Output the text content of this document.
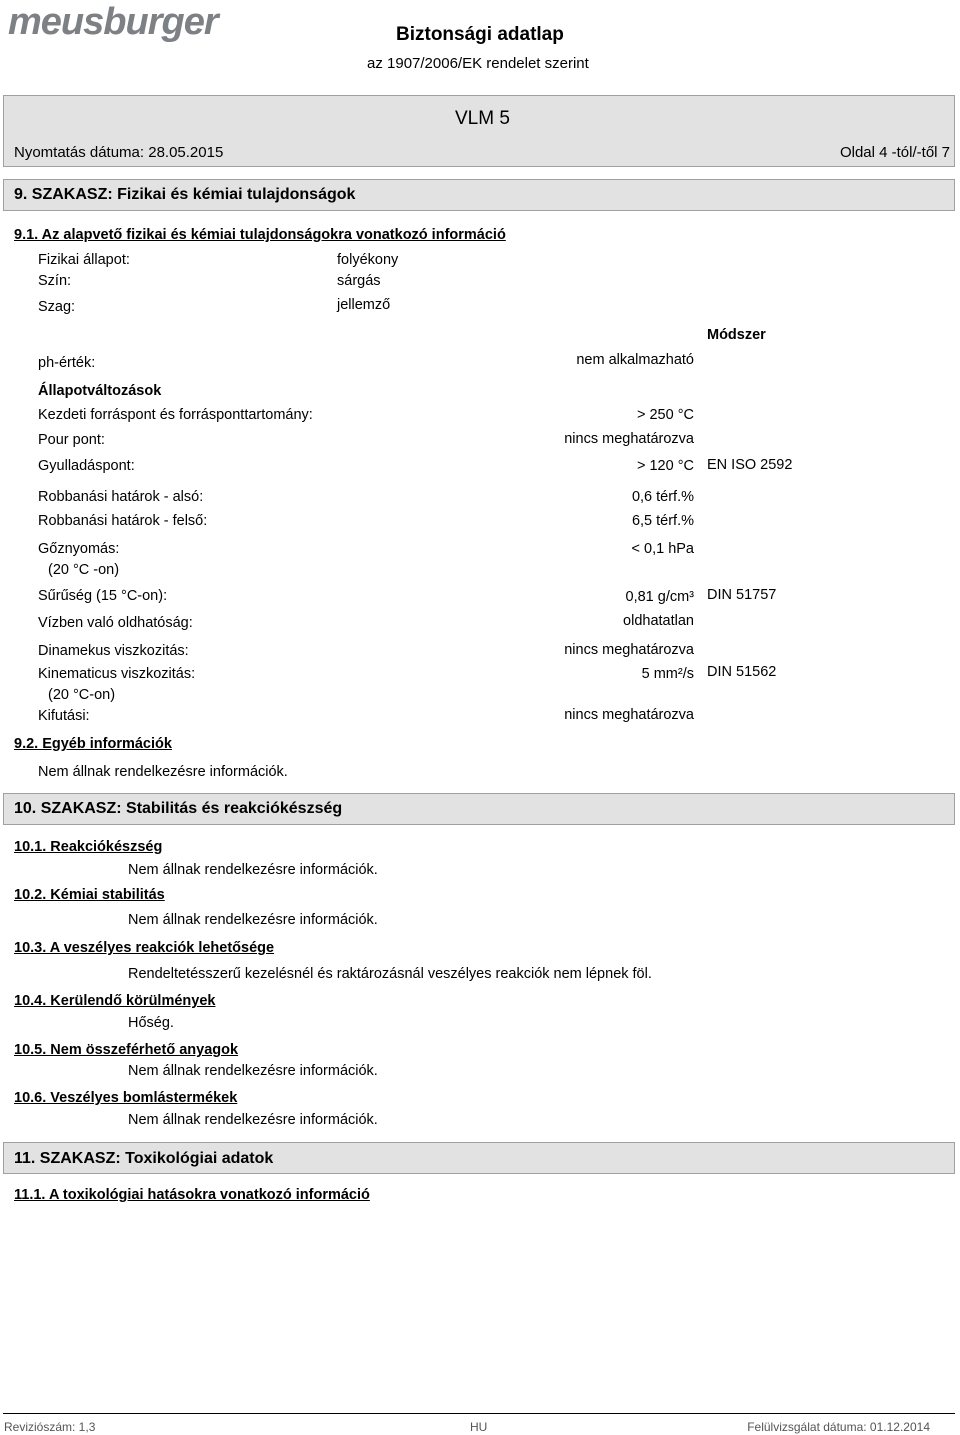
meusburger	Biztonsági adatlap
az 1907/2006/EK rendelet szerint
VLM 5
Nyomtatás dátuma: 28.05.2015	Oldal 4 -tól/-től 7
9. SZAKASZ: Fizikai és kémiai tulajdonságok
9.1. Az alapvető fizikai és kémiai tulajdonságokra vonatkozó információ
Fizikai állapot:	folyékony
Szín:	sárgás
Szag:	jellemző
Módszer
ph-érték:	nem alkalmazható
Állapotváltozások
Kezdeti forráspont és forrásponttartomány:	> 250 °C
Pour pont:	nincs meghatározva
Gyulladáspont:	> 120 °C EN ISO 2592
Robbanási határok - alsó:	0,6 térf.%
Robbanási határok - felső:	6,5 térf.%
Gőznyomás:	< 0,1 hPa
(20 °C -on)
Sűrűség (15 °C-on):	0,81 g/cm³ DIN 51757
Vízben való oldhatóság:	oldhatatlan
Dinamekus viszkozitás:	nincs meghatározva
Kinematicus viszkozitás:	5 mm²/s DIN 51562
(20 °C-on)
Kifutási:	nincs meghatározva
9.2. Egyéb információk
Nem állnak rendelkezésre információk.
10. SZAKASZ: Stabilitás és reakciókészség
10.1. Reakciókészség
Nem állnak rendelkezésre információk.
10.2. Kémiai stabilitás
Nem állnak rendelkezésre információk.
10.3. A veszélyes reakciók lehetősége
Rendeltetésszerű kezelésnél és raktározásnál veszélyes reakciók nem lépnek föl.
10.4. Kerülendő körülmények
Hőség.
10.5. Nem összeférhető anyagok
Nem állnak rendelkezésre információk.
10.6. Veszélyes bomlástermékek
Nem állnak rendelkezésre információk.
11. SZAKASZ: Toxikológiai adatok
11.1. A toxikológiai hatásokra vonatkozó információ
Reviziószám: 1,3	HU	Felülvizsgálat dátuma: 01.12.2014
